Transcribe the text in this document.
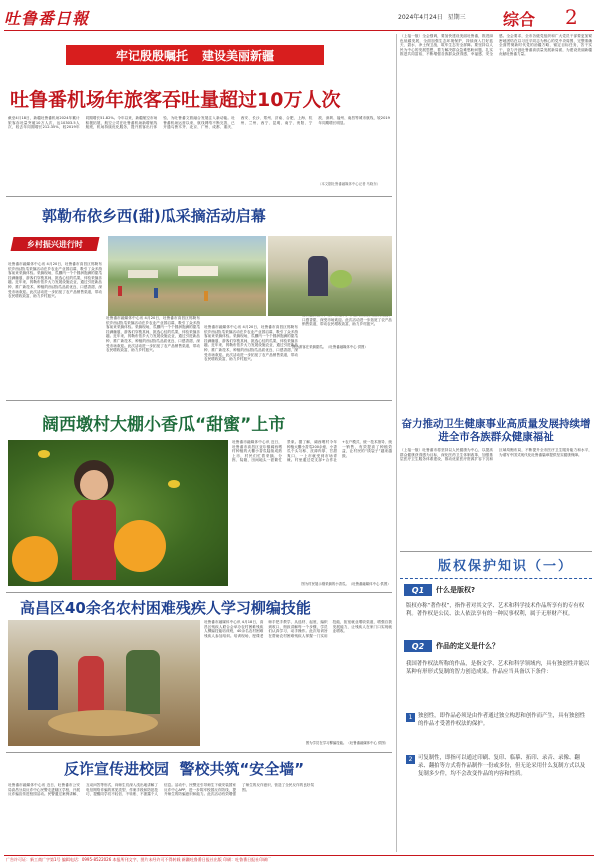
吐鲁番日報	2024年4月24日 星期三 综合 2
牢记殷殷嘱托 建设美丽新疆
吐鲁番机场年旅客吞吐量超过10万人次
截至4月18日，新疆吐鲁番机场2024年累计旅客吞吐量突破10万人次，达10303.5人次，较去年同期增长212.35%，较2019年同期增长51.82%。今年以来，新疆航空市场积极拓展，航空公司在吐鲁番机场新增航线航班，机场持续优化服务，提升旅客出行体验，为吐鲁番文旅融合发展注入新动能。吐鲁番机场运营以来，航线网络不断完善，已开通乌鲁木齐、北京、广州、成都、重庆、西安、长沙、郑州、济南、合肥、上海、杭州、兰州、西宁、昆明、南宁、贵阳、宁波、深圳、福州、南昌等城市航线，较2019年同期增长明显。
（本文据吐鲁番融媒体中心记者 马晓东）
郭勒布依乡西(甜)瓜采摘活动启幕
乡村振兴进行时
吐鲁番市融媒体中心讯 4月20日，吐鲁番市高昌区郭勒布依乡西(甜)瓜采摘活动在乡农业产业园启幕，吸引了众多游客前来采摘体验。采摘现场，瓜棚内一个个圆润饱满的甜瓜挂满藤蔓，游客们穿梭其间，挑选心仪的瓜果，体验采摘乐趣。近年来，郭勒布依乡大力发展设施农业，通过引进新品种、推广新技术，种植的西(甜)瓜品质优良、口感香甜，深受市场欢迎。此次活动进一步拓宽了农产品销售渠道，带动农民增收致富，助力乡村振兴。
吐鲁番市融媒体中心讯 4月20日，吐鲁番市高昌区郭勒布依乡西(甜)瓜采摘活动在乡农业产业园启幕，吸引了众多游客前来采摘体验。采摘现场，瓜棚内一个个圆润饱满的甜瓜挂满藤蔓，游客们穿梭其间，挑选心仪的瓜果，体验采摘乐趣。近年来，郭勒布依乡大力发展设施农业，通过引进新品种、推广新技术，种植的西(甜)瓜品质优良、口感香甜，深受市场欢迎。此次活动进一步拓宽了农产品销售渠道，带动农民增收致富，助力乡村振兴。
吐鲁番市融媒体中心讯 4月20日，吐鲁番市高昌区郭勒布依乡西(甜)瓜采摘活动在乡农业产业园启幕，吸引了众多游客前来采摘体验。采摘现场，瓜棚内一个个圆润饱满的甜瓜挂满藤蔓，游客们穿梭其间，挑选心仪的瓜果，体验采摘乐趣。近年来，郭勒布依乡大力发展设施农业，通过引进新品种、推广新技术，种植的西(甜)瓜品质优良、口感香甜，深受市场欢迎。此次活动进一步拓宽了农产品销售渠道，带动农民增收致富，助力乡村振兴。
口感香甜，深受市场欢迎。此次活动进一步拓宽了农产品销售渠道，带动农民增收致富，助力乡村振兴。
图为游客在采摘甜瓜。（吐鲁番融媒体中心 供图）
阔西墩村大棚小香瓜“甜蜜”上市
吐鲁番市融媒体中心讯 近日，吐鲁番市高昌区亚尔镇阔西墩村种植的大棚小香瓜陆续成熟上市，村民们忙着采摘、分拣、装箱，田间地头一派繁忙景象。据了解，阔西墩村今年种植大棚小香瓜200余座，小香瓜个头匀称、皮薄肉厚、甘甜爽口，一上市就受到市场青睐。村里通过党支部+合作社+农户模式，统一技术指导、统一销售，有效提高了种植效益，让村民的“钱袋子”越来越鼓。
图为村民展示刚采摘的小香瓜。（吐鲁番融媒体中心 供图）
高昌区40余名农村困难残疾人学习柳编技能
吐鲁番市融媒体中心讯 4月18日，高昌区残疾人联合会举办农村困难残疾人柳编技能培训班，40余名农村困难残疾人参加培训。培训现场，授课老师手把手教学，从选材、起底、编织到收口，细致讲解每一个步骤，学员们认真学习、动手操作。此次培训旨在帮助农村困难残疾人掌握一门实用技能，拓宽就业增收渠道，增强自我发展能力，让残疾人在家门口实现就业增收。
图为学员在学习柳编技能。（吐鲁番融媒体中心 供图）
反诈宣传进校园  警校共筑“安全墙”
吐鲁番市融媒体中心讯 近日，吐鲁番市公安局高昌分局反诈中心民警走进辖区学校，开展反诈骗宣传进校园活动。民警通过案例讲解、互动问答等形式，向师生们深入浅出地讲解了电信网络诈骗的常见类型、作案手段和防范技巧，提醒同学们不轻信、不转账、不泄露个人信息。活动中，民警还引导师生下载安装国家反诈中心APP，进一步筑牢校园反诈防线，提升师生的防骗意识和能力。此次活动有效增强了师生的反诈意识，营造了全民反诈的良好氛围。
（上接一版）全会强调，要加快建设美丽吐鲁番，推进绿色低碳发展，全面加强生态环境保护，持续深入打好蓝天、碧水、净土保卫战，筑牢生态安全屏障。要坚持以人民为中心的发展思想，着力解决群众急难愁盼问题，扎实推进共同富裕，不断增强各族群众获得感、幸福感、安全感。全会要求，全市各级党组织和广大党员干部要更加紧密地团结在以习近平同志为核心的党中央周围，完整准确全面贯彻新时代党的治疆方略，锚定目标任务，苦干实干，奋力开创吐鲁番高质量发展新局面，为建设美丽新疆贡献吐鲁番力量。
奋力推动卫生健康事业高质量发展持续增进全市各族群众健康福祉
（上接一版）吐鲁番市将坚持以人民健康为中心，以提高群众健康获得感为目标，深化医药卫生体制改革，加强基层医疗卫生服务体系建设，推动优质医疗资源扩容下沉和区域均衡布局，不断提升全市医疗卫生服务能力和水平，为谱写中国式现代化吐鲁番篇章提供坚实健康保障。
版权保护知识（一）
Q 1 什么是版权?
版权亦称“著作权”，指作者对其文学、艺术和科学技术作品所享有的专有权利。著作权是公民、法人依法享有的一种民事权利，属于无形财产权。
Q 2 作品的定义是什么？
我国著作权法所称的作品，是指文学、艺术和科学领域内，具有独创性并能以某种有形形式复制的智力创造成果。作品应当具备以下条件：
1	独创性，即作品必须是由作者通过独立构思和创作而产生，具有独创性的作品才受著作权法的保护。
2	可复制性，即指可以通过印刷、复印、临摹、拓印、录音、录像、翻录、翻拍等方式将作品制作一份或多份，但无论采用什么复制方式以及复制多少件，均不会改变作品的内容和性质。
广告许可证：新工商广字第1号 编辑电话：0995-8522026 本报所刊文字、图片未经许可不得转载 新疆吐鲁番日报社出版 印刷：吐鲁番日报社印刷厂
